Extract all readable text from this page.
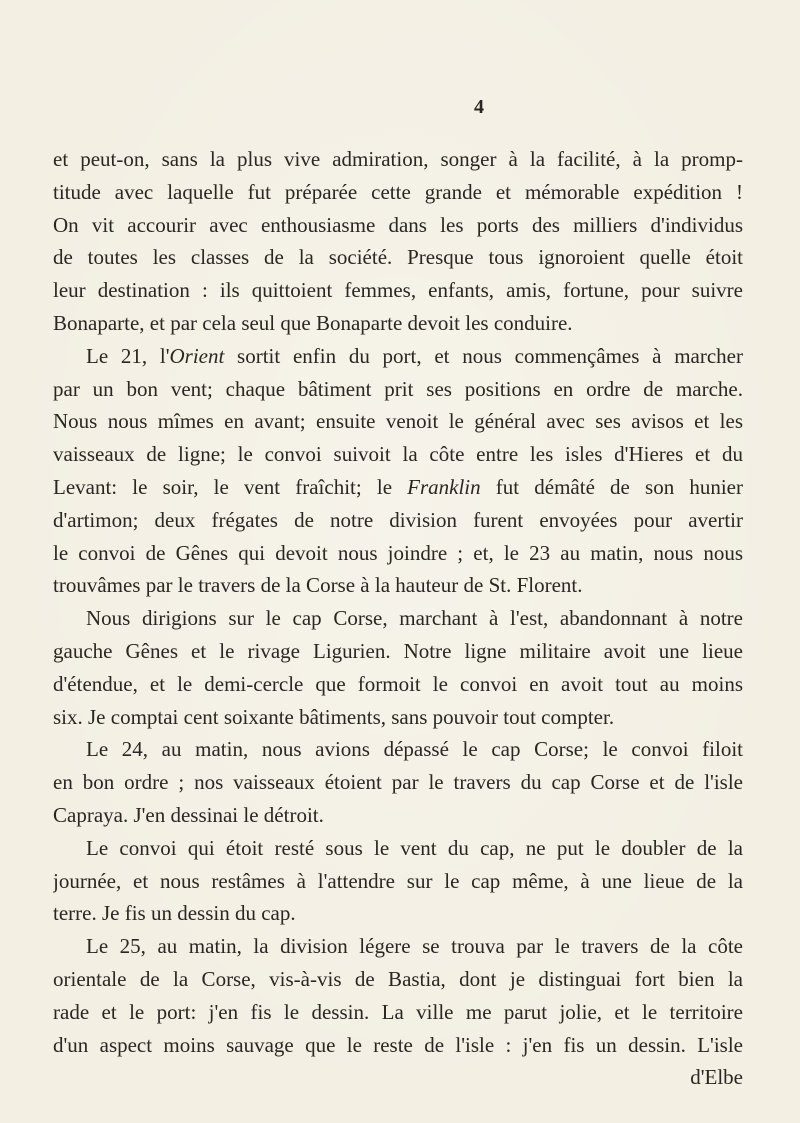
4
et peut-on, sans la plus vive admiration, songer à la facilité, à la promp-
titude avec laquelle fut préparée cette grande et mémorable expédition !
On vit accourir avec enthousiasme dans les ports des milliers d'individus
de toutes les classes de la société. Presque tous ignoroient quelle étoit
leur destination : ils quittoient femmes, enfants, amis, fortune, pour suivre
Bonaparte, et par cela seul que Bonaparte devoit les conduire.
Le 21, l'Orient sortit enfin du port, et nous commençâmes à marcher
par un bon vent; chaque bâtiment prit ses positions en ordre de marche.
Nous nous mîmes en avant; ensuite venoit le général avec ses avisos et les
vaisseaux de ligne; le convoi suivoit la côte entre les isles d'Hieres et du
Levant: le soir, le vent fraîchit; le Franklin fut démâté de son hunier
d'artimon; deux frégates de notre division furent envoyées pour avertir
le convoi de Gênes qui devoit nous joindre ; et, le 23 au matin, nous nous
trouvâmes par le travers de la Corse à la hauteur de St. Florent.
Nous dirigions sur le cap Corse, marchant à l'est, abandonnant à notre
gauche Gênes et le rivage Ligurien. Notre ligne militaire avoit une lieue
d'étendue, et le demi-cercle que formoit le convoi en avoit tout au moins
six. Je comptai cent soixante bâtiments, sans pouvoir tout compter.
Le 24, au matin, nous avions dépassé le cap Corse; le convoi filoit
en bon ordre ; nos vaisseaux étoient par le travers du cap Corse et de l'isle
Capraya. J'en dessinai le détroit.
Le convoi qui étoit resté sous le vent du cap, ne put le doubler de la
journée, et nous restâmes à l'attendre sur le cap même, à une lieue de la
terre. Je fis un dessin du cap.
Le 25, au matin, la division légere se trouva par le travers de la côte
orientale de la Corse, vis-à-vis de Bastia, dont je distinguai fort bien la
rade et le port: j'en fis le dessin. La ville me parut jolie, et le territoire
d'un aspect moins sauvage que le reste de l'isle : j'en fis un dessin. L'isle
d'Elbe
